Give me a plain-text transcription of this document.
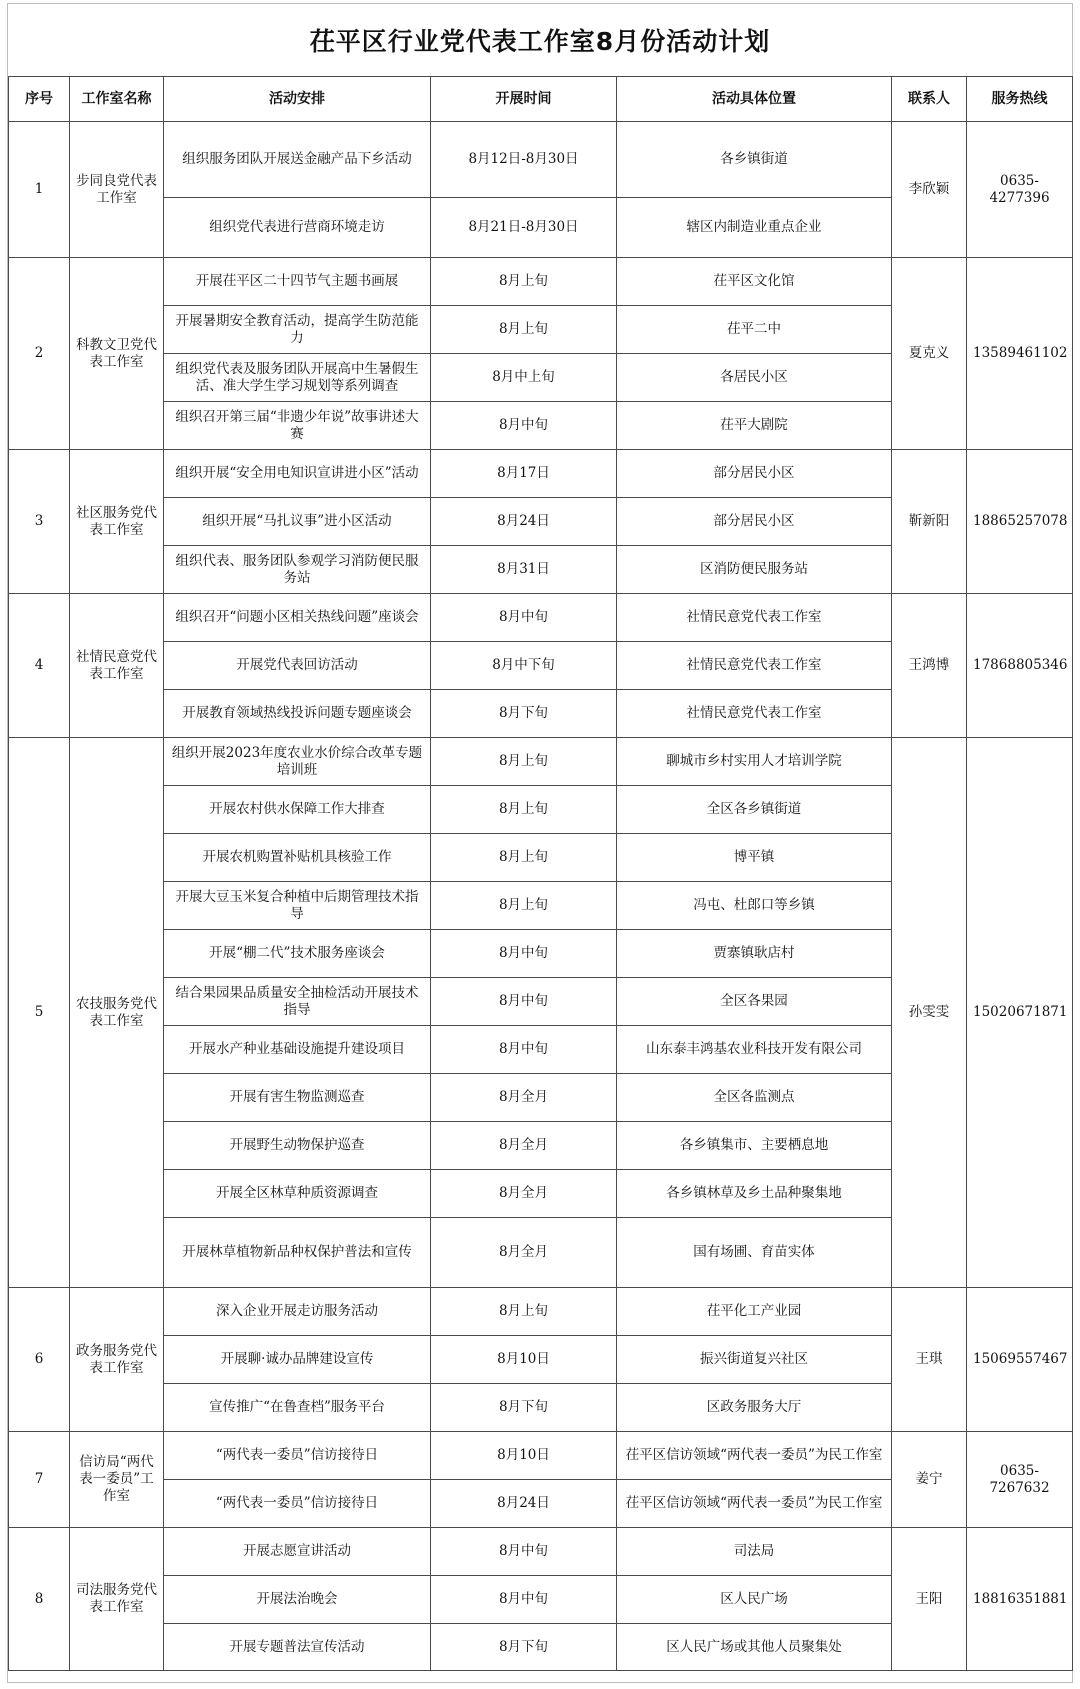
茌平区行业党代表工作室8月份活动计划
序号	工作室名称	活动安排	开展时间	活动具体位置	联系人	服务热线
1	步同良党代表工作室	组织服务团队开展送金融产品下乡活动	8月12日-8月30日	各乡镇街道	李欣颖	0635-4277396
		组织党代表进行营商环境走访	8月21日-8月30日	辖区内制造业重点企业		
2	科教文卫党代表工作室	开展茌平区二十四节气主题书画展	8月上旬	茌平区文化馆	夏克义	13589461102
		开展暑期安全教育活动，提高学生防范能力	8月上旬	茌平二中		
		组织党代表及服务团队开展高中生暑假生活、准大学生学习规划等系列调查	8月中上旬	各居民小区		
		组织召开第三届“非遗少年说”故事讲述大赛	8月中旬	茌平大剧院		
3	社区服务党代表工作室	组织开展“安全用电知识宣讲进小区”活动	8月17日	部分居民小区	靳新阳	18865257078
		组织开展“马扎议事”进小区活动	8月24日	部分居民小区		
		组织代表、服务团队参观学习消防便民服务站	8月31日	区消防便民服务站		
4	社情民意党代表工作室	组织召开“问题小区相关热线问题”座谈会	8月中旬	社情民意党代表工作室	王鸿博	17868805346
		开展党代表回访活动	8月中下旬	社情民意党代表工作室		
		开展教育领域热线投诉问题专题座谈会	8月下旬	社情民意党代表工作室		
5	农技服务党代表工作室	组织开展2023年度农业水价综合改革专题培训班	8月上旬	聊城市乡村实用人才培训学院	孙雯雯	15020671871
		开展农村供水保障工作大排查	8月上旬	全区各乡镇街道		
		开展农机购置补贴机具核验工作	8月上旬	博平镇		
		开展大豆玉米复合种植中后期管理技术指导	8月上旬	冯屯、杜郎口等乡镇		
		开展“棚二代”技术服务座谈会	8月中旬	贾寨镇耿店村		
		结合果园果品质量安全抽检活动开展技术指导	8月中旬	全区各果园		
		开展水产种业基础设施提升建设项目	8月中旬	山东泰丰鸿基农业科技开发有限公司		
		开展有害生物监测巡查	8月全月	全区各监测点		
		开展野生动物保护巡查	8月全月	各乡镇集市、主要栖息地		
		开展全区林草种质资源调查	8月全月	各乡镇林草及乡土品种聚集地		
		开展林草植物新品种权保护普法和宣传	8月全月	国有场圃、育苗实体		
6	政务服务党代表工作室	深入企业开展走访服务活动	8月上旬	茌平化工产业园	王琪	15069557467
		开展聊·诚办品牌建设宣传	8月10日	振兴街道复兴社区		
		宣传推广“在鲁查档”服务平台	8月下旬	区政务服务大厅		
7	信访局“两代表一委员”工作室	“两代表一委员”信访接待日	8月10日	茌平区信访领域“两代表一委员”为民工作室	姜宁	0635-7267632
		“两代表一委员”信访接待日	8月24日	茌平区信访领域“两代表一委员”为民工作室		
8	司法服务党代表工作室	开展志愿宣讲活动	8月中旬	司法局	王阳	18816351881
		开展法治晚会	8月中旬	区人民广场		
		开展专题普法宣传活动	8月下旬	区人民广场或其他人员聚集处		
